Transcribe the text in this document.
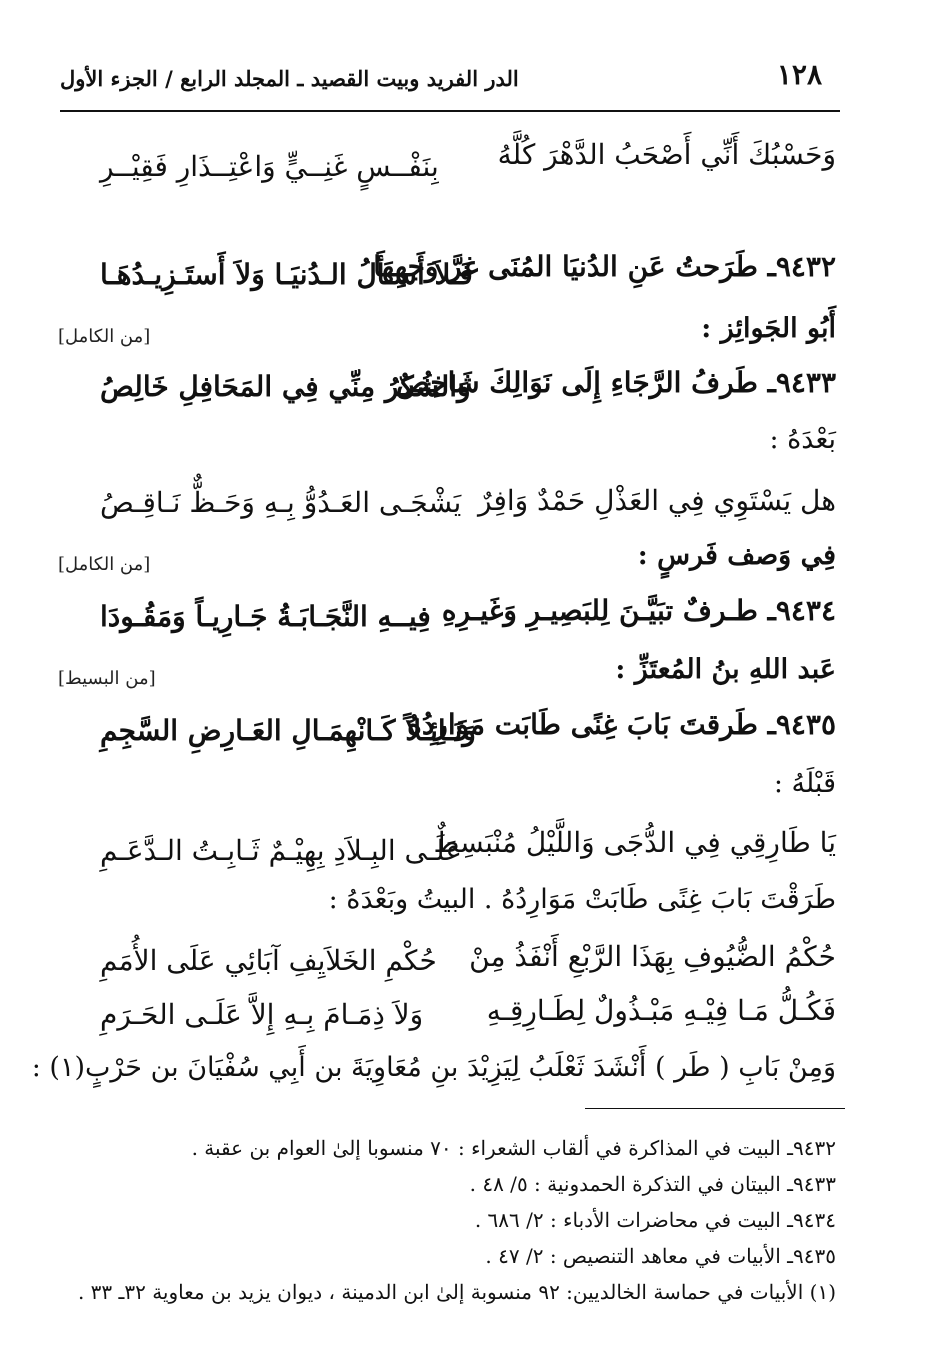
١٢٨
الدر الفريد وبيت القصيد ـ المجلد الرابع / الجزء الأول
وَحَسْبُكَ أَنِّي أَصْحَبُ الدَّهْرَ كُلَّهُ
بِنَفْــسٍ غَنِــيٍّ وَاعْتِــذَارِ فَقِيْــرِ
٩٤٣٢ـ طَرَحتُ عَنِ الدُنيَا المُنَى غرَّ وَجهِهَا
فَـلاَ أَسـأَلُ الـدُنيَـا وَلاَ أَستَـزِيـدُهَـا
أَبُو الجَوائِز :
[من الكامل]
٩٤٣٣ـ طَرفُ الرَّجَاءِ إِلَى نَوَالِكَ شَاخِصٌ
وَالشُكرُ مِنِّي فِي المَحَافِلِ خَالِصُ
بَعْدَهُ :
هل يَسْتَوِي فِي العَذْلِ حَمْدٌ وَافِرٌ
يَشْجَـى العَـدُوُّ بِـهِ وَحَـظٌّ نَـاقِـصُ
فِي وَصف فَرسٍ :
[من الكامل]
٩٤٣٤ـ طـرفٌ تبَيَّـنَ لِلبَصِيـرِ وَغَيـرِهِ
فِيــهِ النَّجَـابَـةُ جَـارِيـاً وَمَقُـودَا
عَبد اللهِ بنُ المُعتَزِّ :
[من البسيط]
٩٤٣٥ـ طَرقتَ بَابَ غِنًى طَابَت مَوَارِدُهُ
وَنَـائِـلاً كَـانْهِمَـالِ العَـارِضِ السَّجِمِ
قَبْلَهُ :
يَا طَارِقِي فِي الدُّجَى وَاللَّيْلُ مُنْبَسِطٌ
عَلَـى البِـلاَدِ بِهِيْـمٌ ثَـابِـتُ الـدَّعَـمِ
طَرَقْتَ بَابَ غِنًى طَابَتْ مَوَارِدُهُ . البيتُ وبَعْدَهُ :
حُكْمُ الضُّيُوفِ بِهَذَا الرَّبْعِ أَنْفَذُ مِنْ
حُكْمِ الخَلاَيِفِ آبَائِي عَلَى الأُمَمِ
فَكُـلُّ مَـا فِيْـهِ مَبْـذُولٌ لِطَـارِقِـهِ
وَلاَ ذِمَـامَ بِـهِ إِلاَّ عَلَـى الحَـرَمِ
وَمِنْ بَابِ ( طَر ) أَنْشَدَ ثَعْلَبُ لِيَزِيْدَ بنِ مُعَاوِيَةَ بن أَبِي سُفْيَانَ بن حَرْبٍ(١) :
٩٤٣٢ـ البيت في المذاكرة في ألقاب الشعراء : ٧٠ منسوبا إلىٰ العوام بن عقبة .
٩٤٣٣ـ البيتان في التذكرة الحمدونية : ٥/ ٤٨ .
٩٤٣٤ـ البيت في محاضرات الأدباء : ٢/ ٦٨٦ .
٩٤٣٥ـ الأبيات في معاهد التنصيص : ٢/ ٤٧ .
(١) الأبيات في حماسة الخالديين: ٩٢ منسوبة إلىٰ ابن الدمينة ، ديوان يزيد بن معاوية ٣٢ـ ٣٣ .
